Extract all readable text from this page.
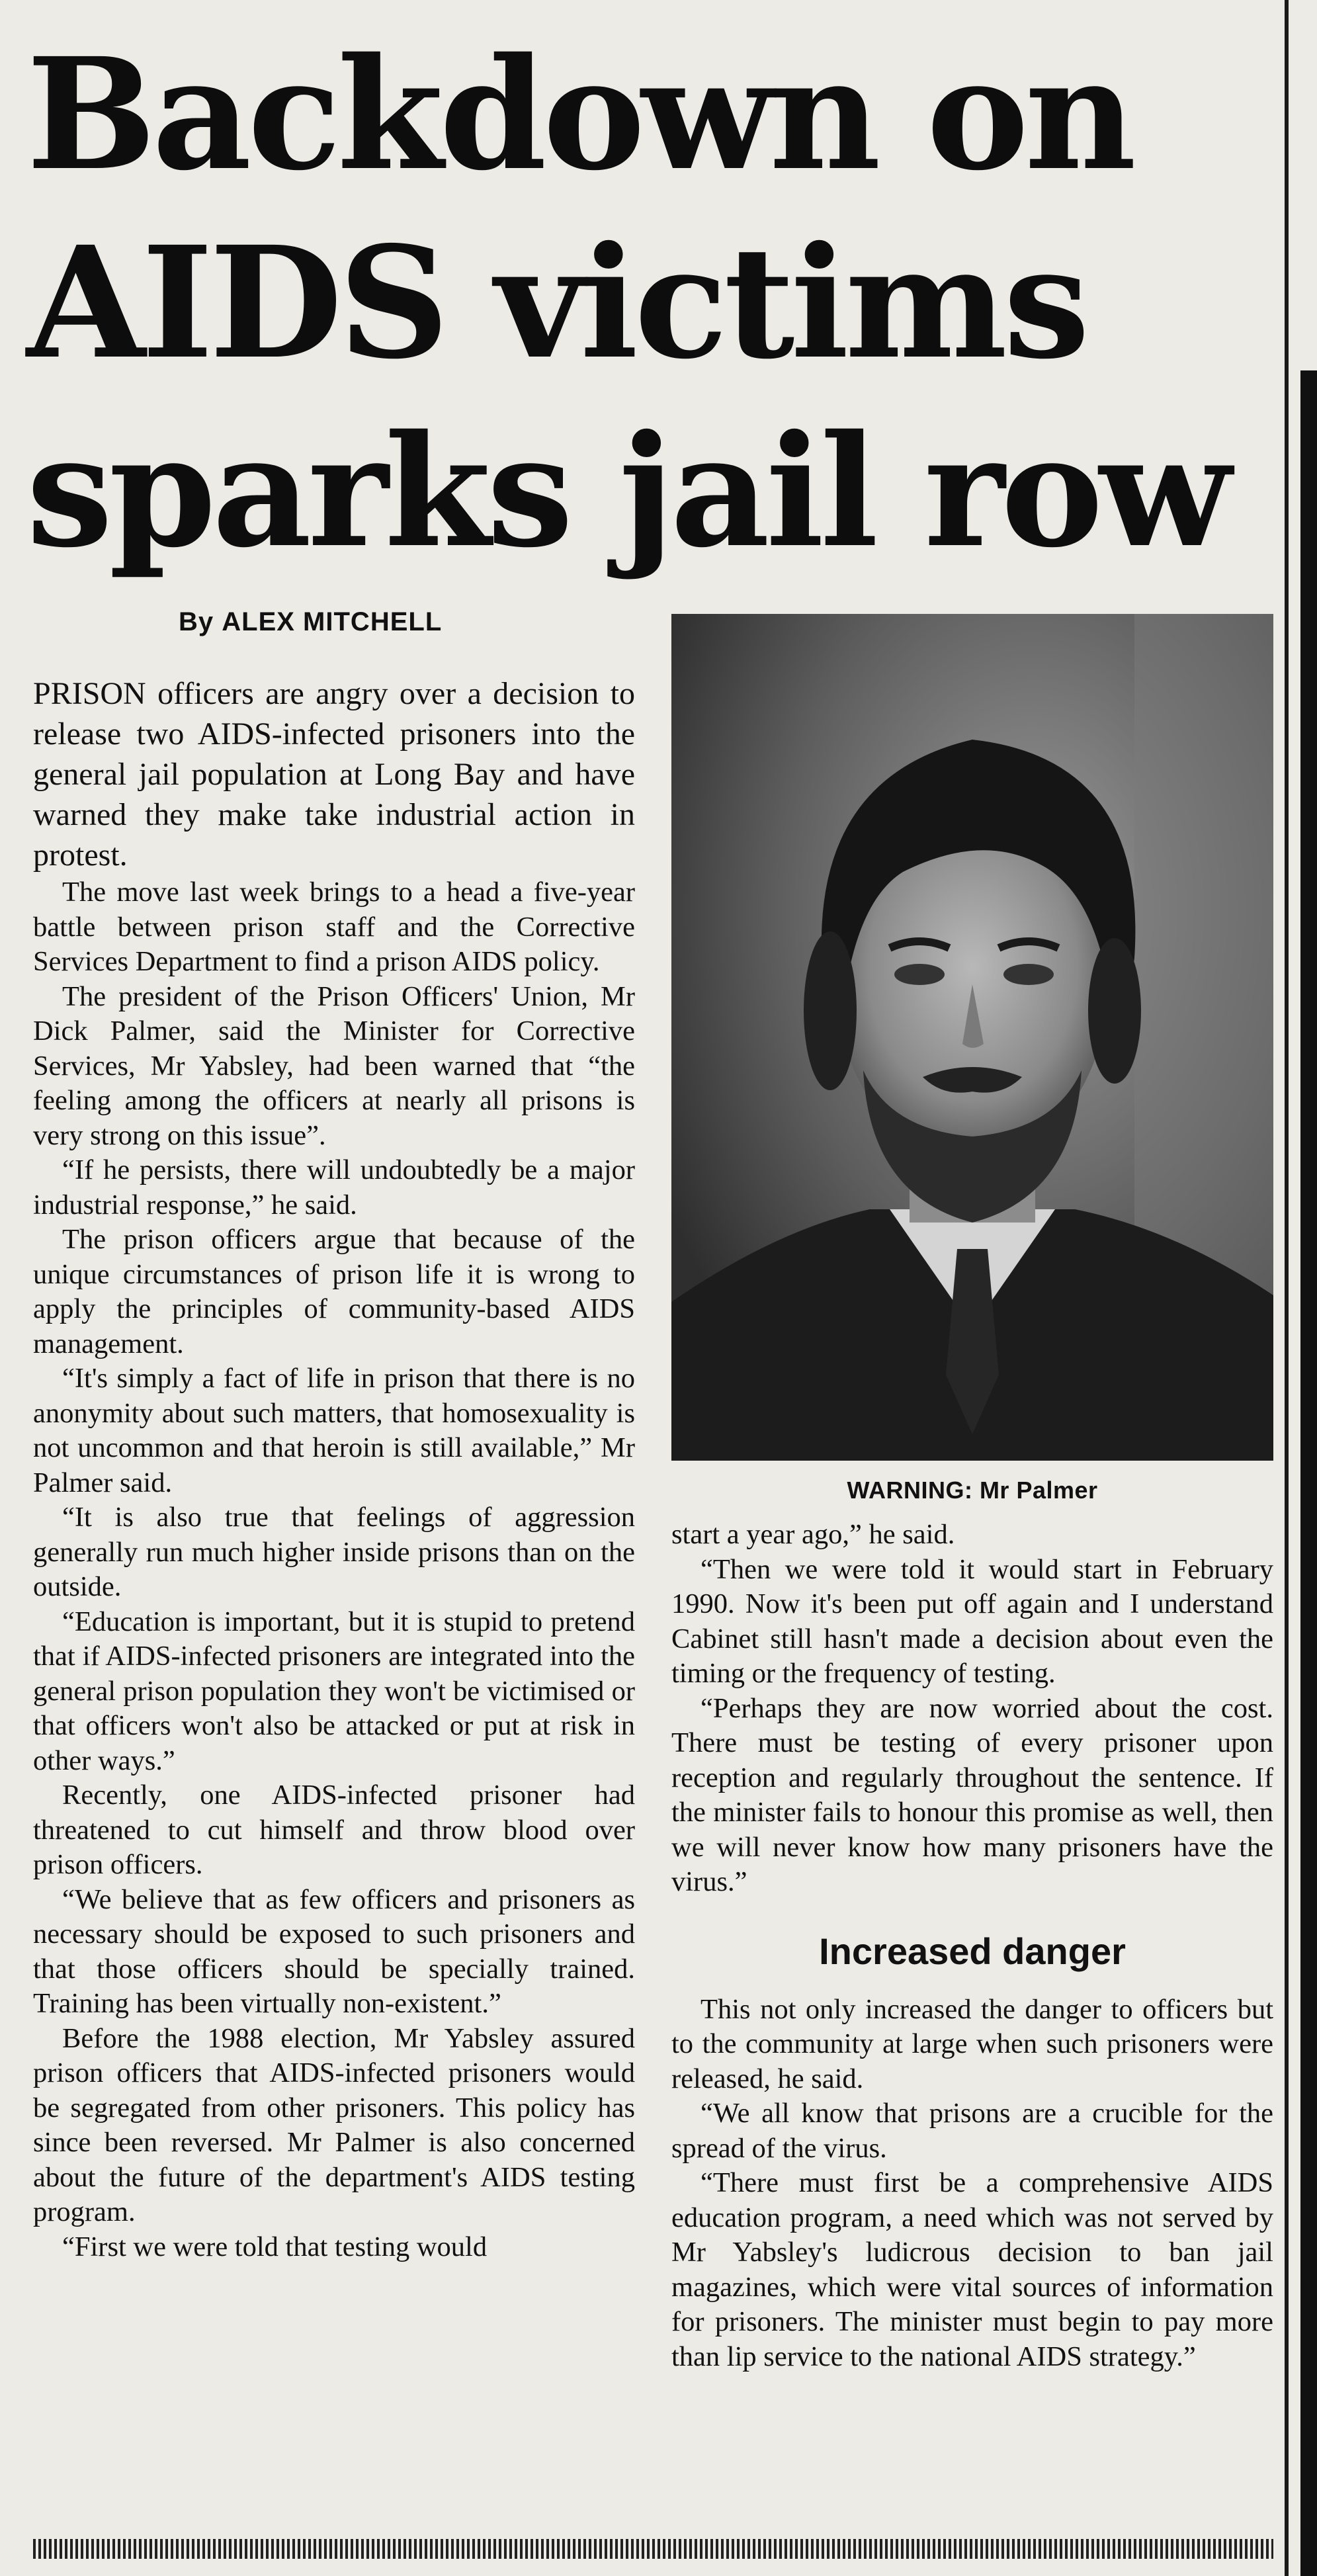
Backdown on AIDS victims sparks jail row
By ALEX MITCHELL

PRISON officers are angry over a decision to release two AIDS-infected prisoners into the general jail population at Long Bay and have warned they make take industrial action in protest.

The move last week brings to a head a five-year battle between prison staff and the Corrective Services Department to find a prison AIDS policy.

The president of the Prison Officers' Union, Mr Dick Palmer, said the Minister for Corrective Services, Mr Yabsley, had been warned that “the feeling among the officers at nearly all prisons is very strong on this issue”.

“If he persists, there will undoubtedly be a major industrial response,” he said.

The prison officers argue that because of the unique circumstances of prison life it is wrong to apply the principles of community-based AIDS management.

“It's simply a fact of life in prison that there is no anonymity about such matters, that homosexuality is not uncommon and that heroin is still available,” Mr Palmer said.

“It is also true that feelings of aggression generally run much higher inside prisons than on the outside.

“Education is important, but it is stupid to pretend that if AIDS-infected prisoners are integrated into the general prison population they won't be victimised or that officers won't also be attacked or put at risk in other ways.”

Recently, one AIDS-infected prisoner had threatened to cut himself and throw blood over prison officers.

“We believe that as few officers and prisoners as necessary should be exposed to such prisoners and that those officers should be specially trained. Training has been virtually non-existent.”

Before the 1988 election, Mr Yabsley assured prison officers that AIDS-infected prisoners would be segregated from other prisoners. This policy has since been reversed. Mr Palmer is also concerned about the future of the department's AIDS testing program.

“First we were told that testing would

WARNING: Mr Palmer

start a year ago,” he said.

“Then we were told it would start in February 1990. Now it's been put off again and I understand Cabinet still hasn't made a decision about even the timing or the frequency of testing.

“Perhaps they are now worried about the cost. There must be testing of every prisoner upon reception and regularly throughout the sentence. If the minister fails to honour this promise as well, then we will never know how many prisoners have the virus.”

Increased danger

This not only increased the danger to officers but to the community at large when such prisoners were released, he said.

“We all know that prisons are a crucible for the spread of the virus.

“There must first be a comprehensive AIDS education program, a need which was not served by Mr Yabsley's ludicrous decision to ban jail magazines, which were vital sources of information for prisoners. The minister must begin to pay more than lip service to the national AIDS strategy.”
